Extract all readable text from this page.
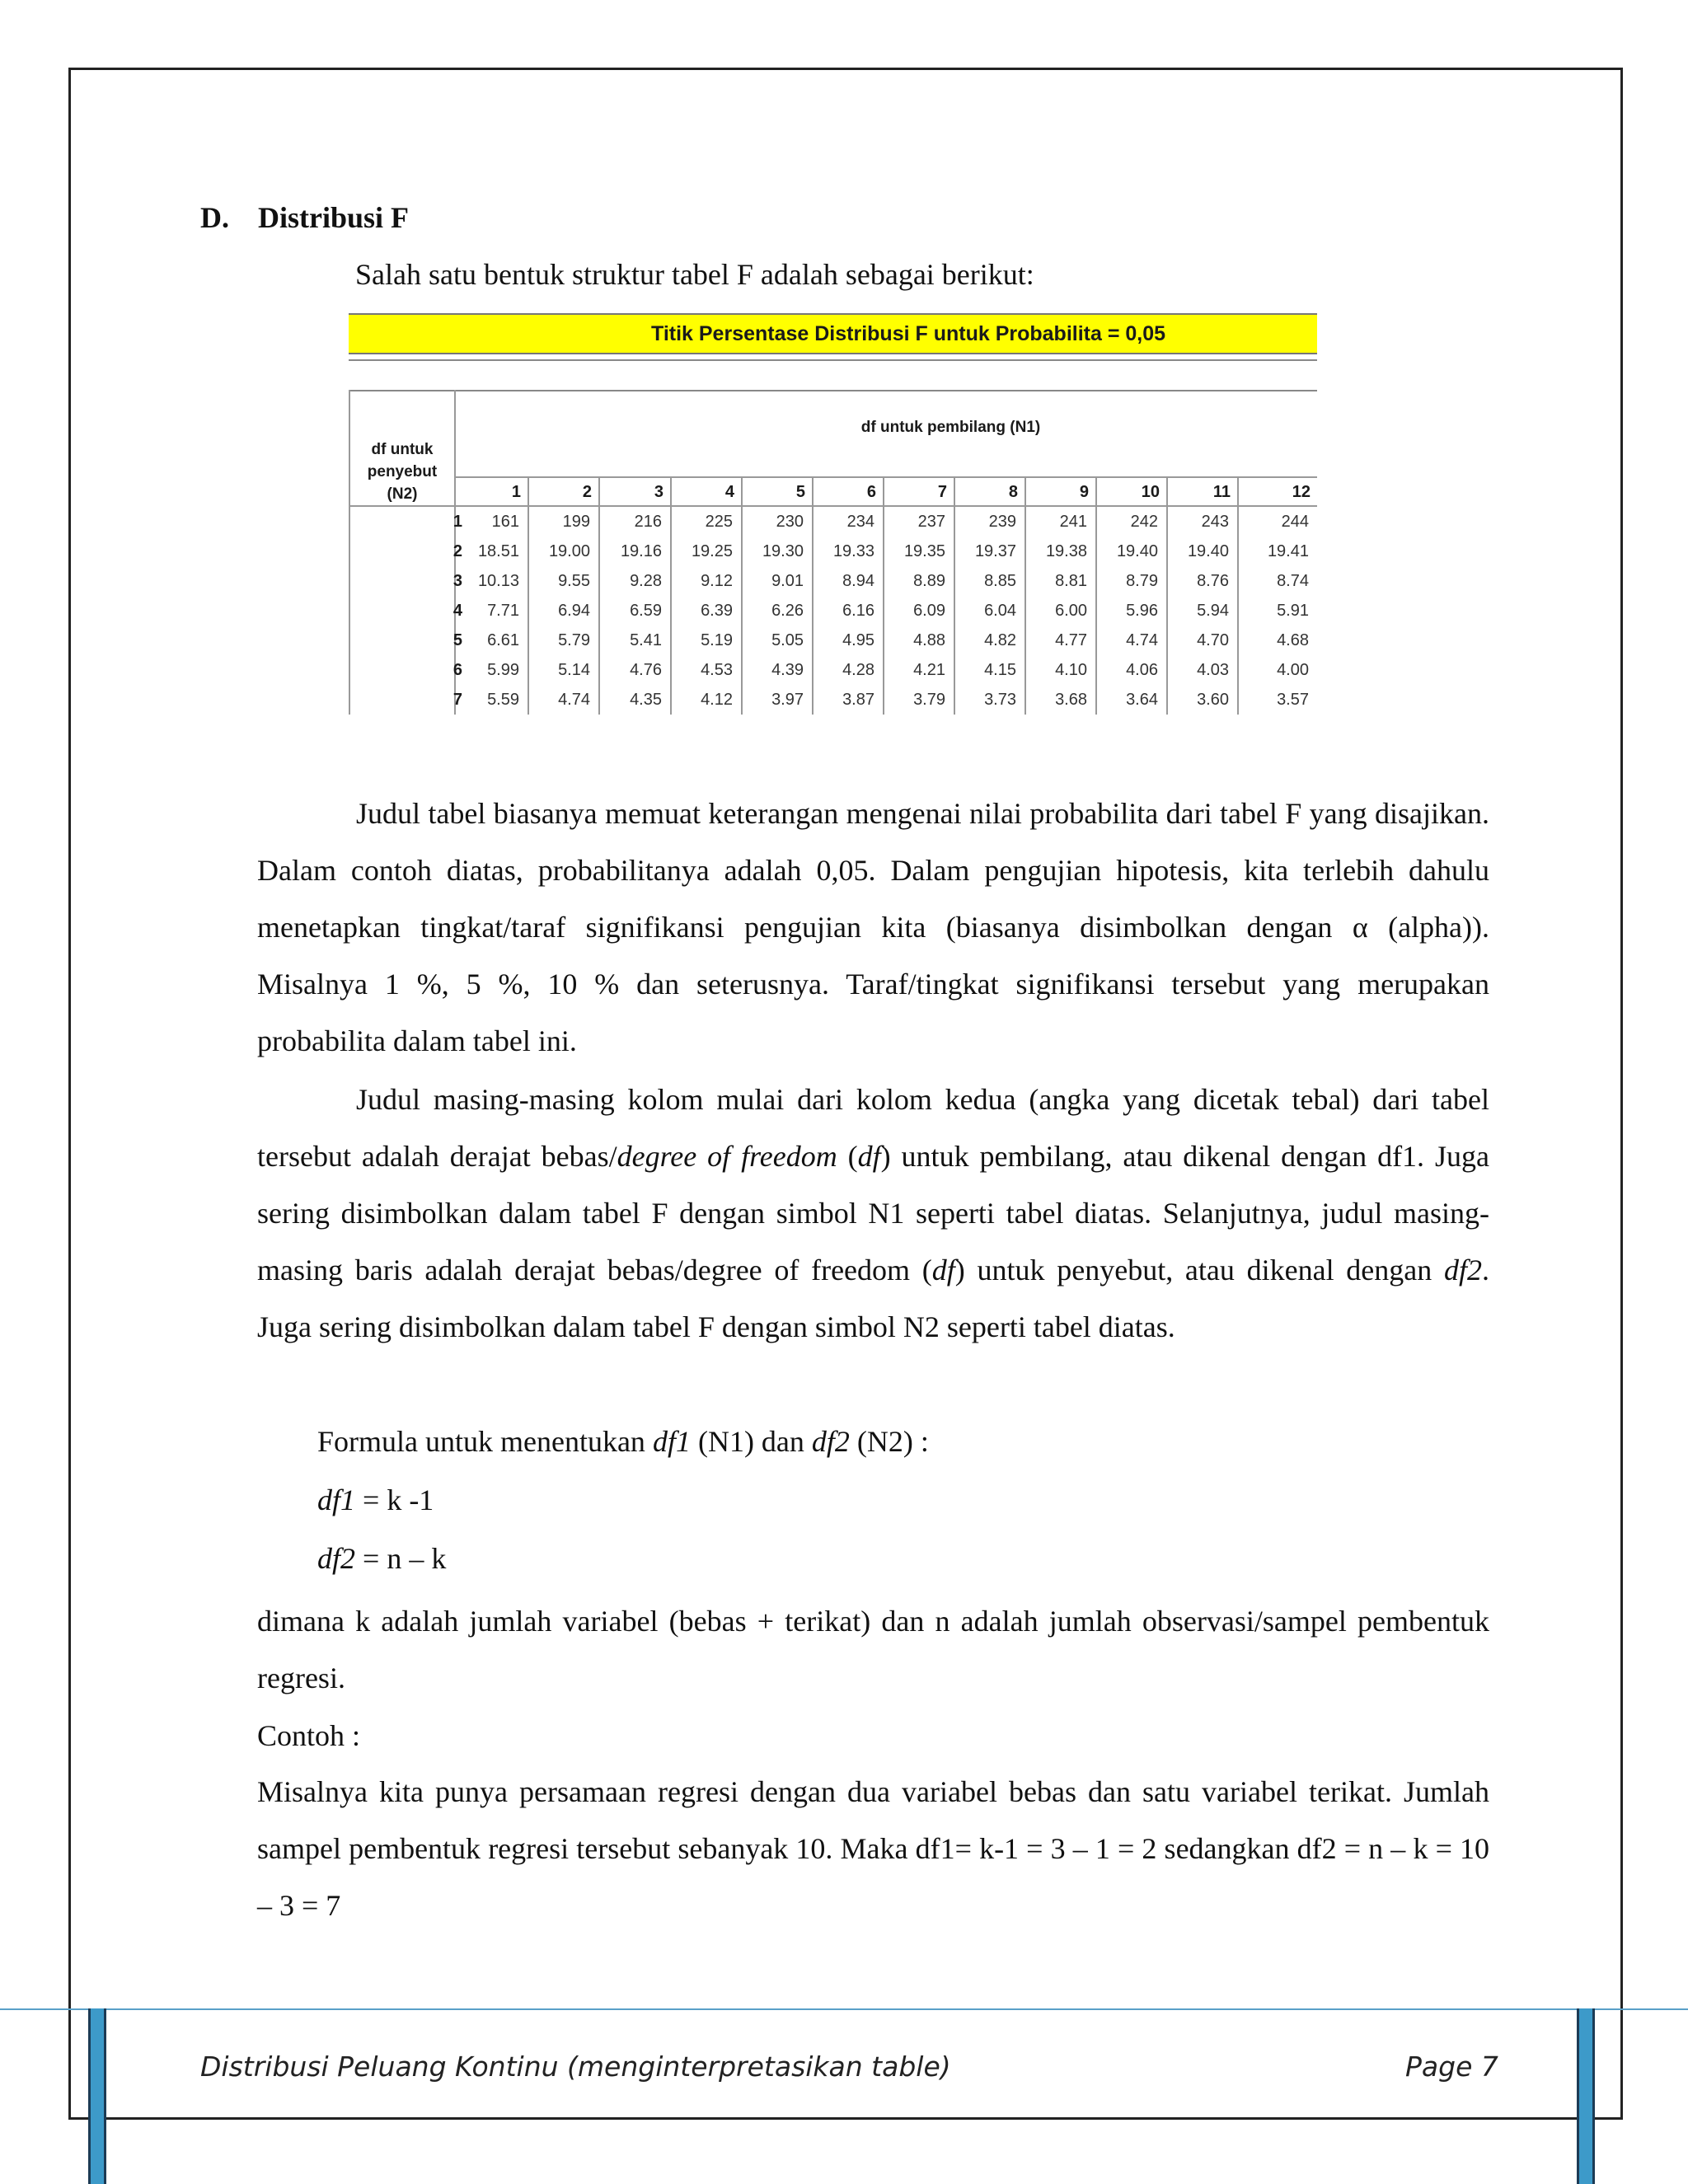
D. Distribusi F
Salah satu bentuk struktur tabel F adalah sebagai berikut:
Titik Persentase Distribusi F untuk Probabilita = 0,05
df untuk
penyebut
(N2)
df untuk pembilang (N1)
1	2	3	4	5	6	7	8	9	10	11	12
1	161	199	216	225	230	234	237	239	241	242	243	244
2 18.51	19.00	19.16	19.25	19.30	19.33	19.35	19.37	19.38	19.40	19.40	19.41
3 10.13	9.55	9.28	9.12	9.01	8.94	8.89	8.85	8.81	8.79	8.76	8.74
4	7.71	6.94	6.59	6.39	6.26	6.16	6.09	6.04	6.00	5.96	5.94	5.91
5	6.61	5.79	5.41	5.19	5.05	4.95	4.88	4.82	4.77	4.74	4.70	4.68
6	5.99	5.14	4.76	4.53	4.39	4.28	4.21	4.15	4.10	4.06	4.03	4.00
7	5.59	4.74	4.35	4.12	3.97	3.87	3.79	3.73	3.68	3.64	3.60	3.57

Judul tabel biasanya memuat keterangan mengenai nilai probabilita dari tabel F yang disajikan. Dalam contoh diatas, probabilitanya adalah 0,05. Dalam pengujian hipotesis, kita terlebih dahulu menetapkan tingkat/taraf signifikansi pengujian kita (biasanya disimbolkan dengan α (alpha)). Misalnya 1 %, 5 %, 10 % dan seterusnya. Taraf/tingkat signifikansi tersebut yang merupakan probabilita dalam tabel ini.

Judul masing-masing kolom mulai dari kolom kedua (angka yang dicetak tebal) dari tabel tersebut adalah derajat bebas/degree of freedom (df) untuk pembilang, atau dikenal dengan df1. Juga sering disimbolkan dalam tabel F dengan simbol N1 seperti tabel diatas. Selanjutnya, judul masing-masing baris adalah derajat bebas/degree of freedom (df) untuk penyebut, atau dikenal dengan df2. Juga sering disimbolkan dalam tabel F dengan simbol N2 seperti tabel diatas.

Formula untuk menentukan df1 (N1) dan df2 (N2) :
df1 = k -1
df2 = n – k

dimana k adalah jumlah variabel (bebas + terikat) dan n adalah jumlah observasi/sampel pembentuk regresi.

Contoh :

Misalnya kita punya persamaan regresi dengan dua variabel bebas dan satu variabel terikat. Jumlah sampel pembentuk regresi tersebut sebanyak 10. Maka df1= k-1 = 3 – 1 = 2 sedangkan df2 = n – k = 10 – 3 = 7

Distribusi Peluang Kontinu (menginterpretasikan table)	Page 7
